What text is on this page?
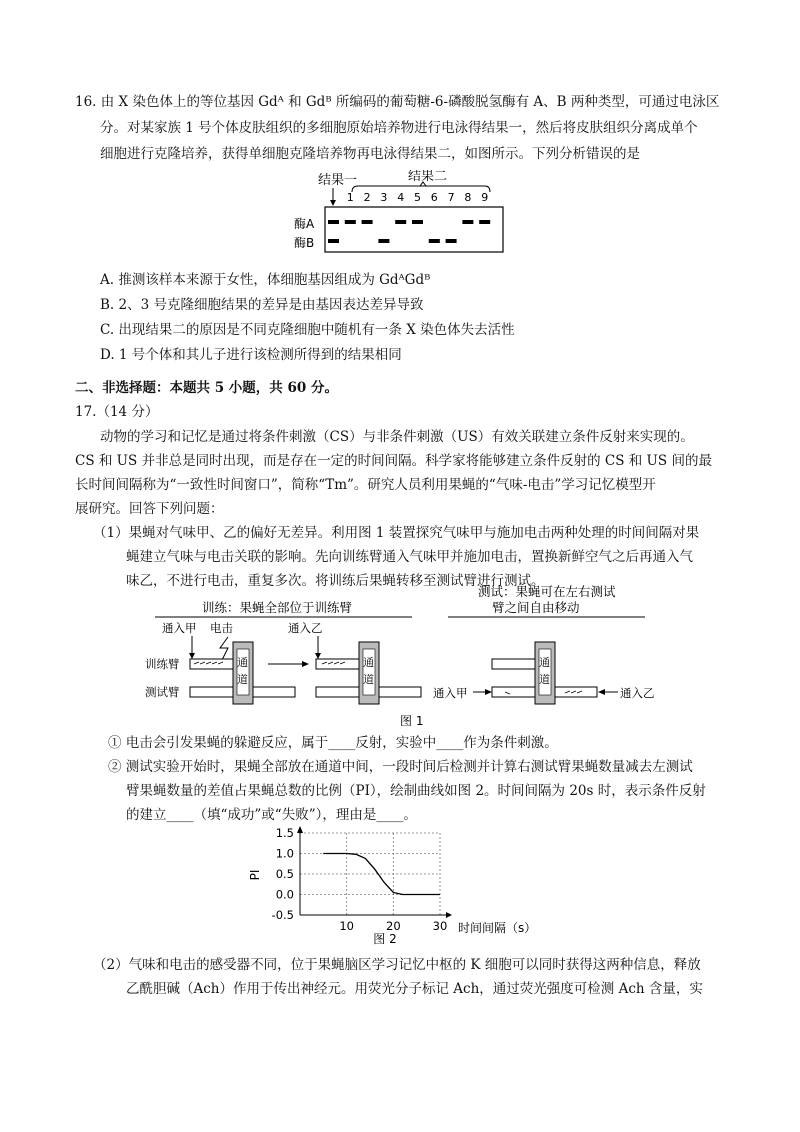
16. 由 X 染色体上的等位基因 Gdᴬ 和 Gdᴮ 所编码的葡萄糖-6-磷酸脱氢酶有 A、B 两种类型，可通过电泳区
分。对某家族 1 号个体皮肤组织的多细胞原始培养物进行电泳得结果一，然后将皮肤组织分离成单个
细胞进行克隆培养，获得单细胞克隆培养物再电泳得结果二，如图所示。下列分析错误的是
结果一	结果二
1 2 3 4 5 6 7 8 9
酶A
酶B
A. 推测该样本来源于女性，体细胞基因组成为 GdᴬGdᴮ
B. 2、3 号克隆细胞结果的差异是由基因表达差异导致
C. 出现结果二的原因是不同克隆细胞中随机有一条 X 染色体失去活性
D. 1 号个体和其儿子进行该检测所得到的结果相同
二、非选择题：本题共 5 小题，共 60 分。
17.（14 分）
动物的学习和记忆是通过将条件刺激（CS）与非条件刺激（US）有效关联建立条件反射来实现的。
CS 和 US 并非总是同时出现，而是存在一定的时间间隔。科学家将能够建立条件反射的 CS 和 US 间的最
长时间间隔称为“一致性时间窗口”，简称“Tm”。研究人员利用果蝇的“气味-电击”学习记忆模型开
展研究。回答下列问题：
（1）果蝇对气味甲、乙的偏好无差异。利用图 1 装置探究气味甲与施加电击两种处理的时间间隔对果
蝇建立气味与电击关联的影响。先向训练臂通入气味甲并施加电击，置换新鲜空气之后再通入气
味乙，不进行电击，重复多次。将训练后果蝇转移至测试臂进行测试。
训练：果蝇全部位于训练臂
测试：果蝇可在左右测试
臂之间自由移动
通入甲 电击
训练臂	通
道
测试臂
通入乙
通
道
通
道
通入甲	通入乙
图 1
① 电击会引发果蝇的躲避反应，属于____反射，实验中____作为条件刺激。
② 测试实验开始时，果蝇全部放在通道中间，一段时间后检测并计算右测试臂果蝇数量减去左测试
臂果蝇数量的差值占果蝇总数的比例（PI），绘制曲线如图 2。时间间隔为 20s 时，表示条件反射
的建立____（填“成功”或“失败”），理由是____。
-0.5
0.0
0.5
1.0
1.5
10	20	30
PI
时间间隔（s）
图 2
（2）气味和电击的感受器不同，位于果蝇脑区学习记忆中枢的 K 细胞可以同时获得这两种信息，释放
乙酰胆碱（Ach）作用于传出神经元。用荧光分子标记 Ach，通过荧光强度可检测 Ach 含量，实
